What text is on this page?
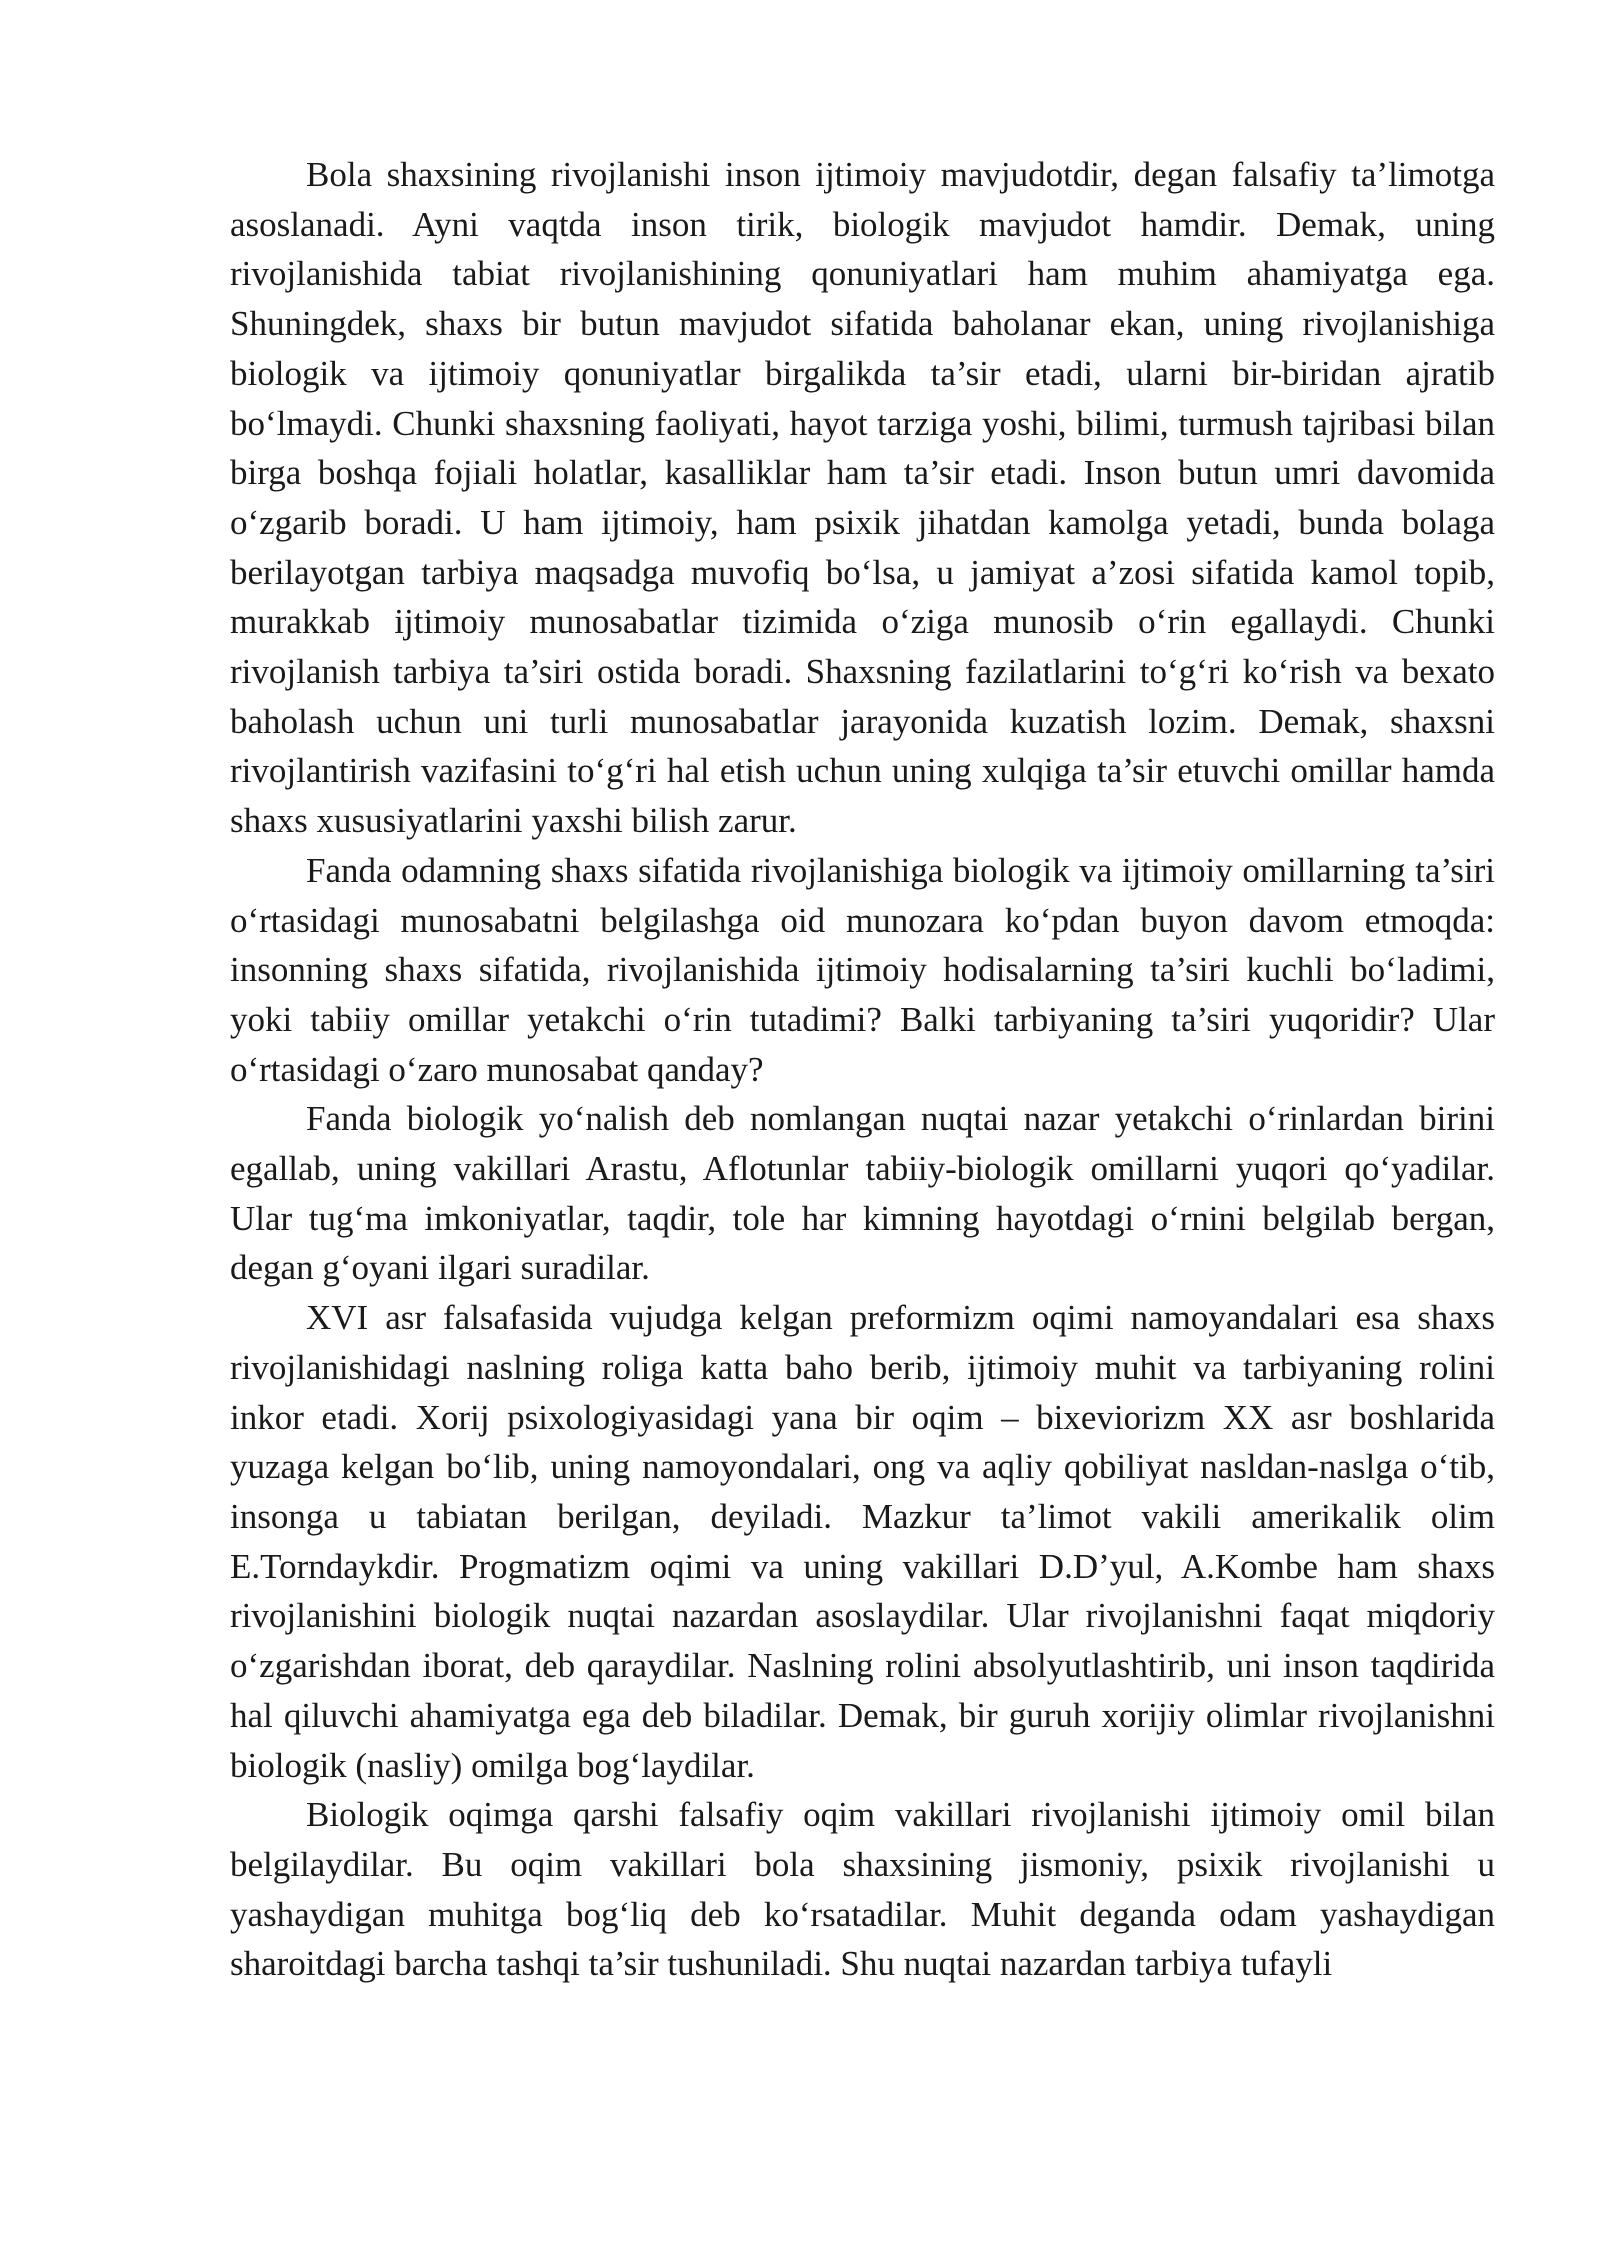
Bola shaxsining rivojlanishi inson ijtimoiy mavjudotdir, degan falsafiy ta’limotga asoslanadi. Ayni vaqtda inson tirik, biologik mavjudot hamdir. Demak, uning rivojlanishida tabiat rivojlanishining qonuniyatlari ham muhim ahamiyatga ega. Shuningdek, shaxs bir butun mavjudot sifatida baholanar ekan, uning rivojlanishiga biologik va ijtimoiy qonuniyatlar birgalikda ta’sir etadi, ularni bir-biridan ajratib boʻlmaydi. Chunki shaxsning faoliyati, hayot tarziga yoshi, bilimi, turmush tajribasi bilan birga boshqa fojiali holatlar, kasalliklar ham ta’sir etadi. Inson butun umri davomida oʻzgarib boradi. U ham ijtimoiy, ham psixik jihatdan kamolga yetadi, bunda bolaga berilayotgan tarbiya maqsadga muvofiq boʻlsa, u jamiyat a’zosi sifatida kamol topib, murakkab ijtimoiy munosabatlar tizimida oʻziga munosib oʻrin egallaydi. Chunki rivojlanish tarbiya ta’siri ostida boradi. Shaxsning fazilatlarini toʻgʻri koʻrish va bexato baholash uchun uni turli munosabatlar jarayonida kuzatish lozim. Demak, shaxsni rivojlantirish vazifasini toʻgʻri hal etish uchun uning xulqiga ta’sir etuvchi omillar hamda shaxs xususiyatlarini yaxshi bilish zarur.

Fanda odamning shaxs sifatida rivojlanishiga biologik va ijtimoiy omillarning ta’siri oʻrtasidagi munosabatni belgilashga oid munozara koʻpdan buyon davom etmoqda: insonning shaxs sifatida, rivojlanishida ijtimoiy hodisalarning ta’siri kuchli boʻladimi, yoki tabiiy omillar yetakchi oʻrin tutadimi? Balki tarbiyaning ta’siri yuqoridir? Ular oʻrtasidagi oʻzaro munosabat qanday?

Fanda biologik yoʻnalish deb nomlangan nuqtai nazar yetakchi oʻrinlardan birini egallab, uning vakillari Arastu, Aflotunlar tabiiy-biologik omillarni yuqori qoʻyadilar. Ular tugʻma imkoniyatlar, taqdir, tole har kimning hayotdagi oʻrnini belgilab bergan, degan gʻoyani ilgari suradilar.

XVI asr falsafasida vujudga kelgan preformizm oqimi namoyandalari esa shaxs rivojlanishidagi naslning roliga katta baho berib, ijtimoiy muhit va tarbiyaning rolini inkor etadi. Xorij psixologiyasidagi yana bir oqim – bixeviorizm XX asr boshlarida yuzaga kelgan boʻlib, uning namoyondalari, ong va aqliy qobiliyat nasldan-naslga oʻtib, insonga u tabiatan berilgan, deyiladi. Mazkur ta’limot vakili amerikalik olim E.Torndaykdir. Progmatizm oqimi va uning vakillari D.D’yul, A.Kombe ham shaxs rivojlanishini biologik nuqtai nazardan asoslaydilar. Ular rivojlanishni faqat miqdoriy oʻzgarishdan iborat, deb qaraydilar. Naslning rolini absolyutlashtirib, uni inson taqdirida hal qiluvchi ahamiyatga ega deb biladilar. Demak, bir guruh xorijiy olimlar rivojlanishni biologik (nasliy) omilga bogʻlaydilar.

Biologik oqimga qarshi falsafiy oqim vakillari rivojlanishi ijtimoiy omil bilan belgilaydilar. Bu oqim vakillari bola shaxsining jismoniy, psixik rivojlanishi u yashaydigan muhitga bogʻliq deb koʻrsatadilar. Muhit deganda odam yashaydigan sharoitdagi barcha tashqi ta’sir tushuniladi. Shu nuqtai nazardan tarbiya tufayli
